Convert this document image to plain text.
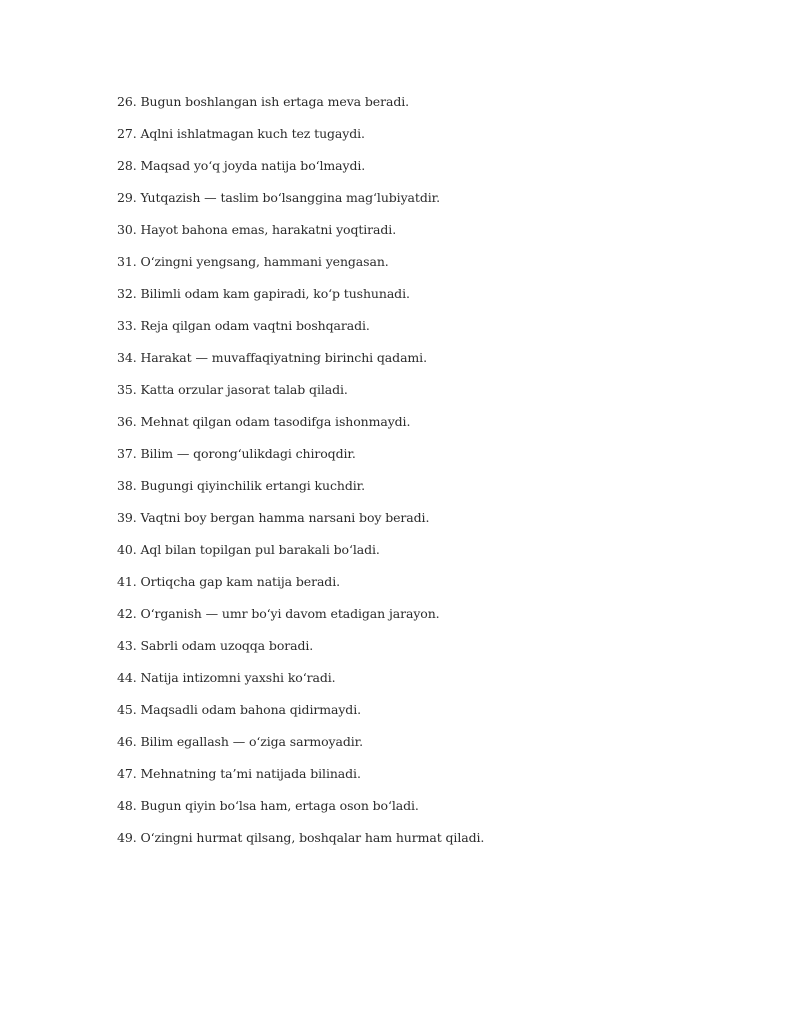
26. Bugun boshlangan ish ertaga meva beradi.
27. Aqlni ishlatmagan kuch tez tugaydi.
28. Maqsad yo‘q joyda natija bo‘lmaydi.
29. Yutqazish — taslim bo‘lsanggina mag‘lubiyatdir.
30. Hayot bahona emas, harakatni yoqtiradi.
31. O‘zingni yengsang, hammani yengasan.
32. Bilimli odam kam gapiradi, ko‘p tushunadi.
33. Reja qilgan odam vaqtni boshqaradi.
34. Harakat — muvaffaqiyatning birinchi qadami.
35. Katta orzular jasorat talab qiladi.
36. Mehnat qilgan odam tasodifga ishonmaydi.
37. Bilim — qorong‘ulikdagi chiroqdir.
38. Bugungi qiyinchilik ertangi kuchdir.
39. Vaqtni boy bergan hamma narsani boy beradi.
40. Aql bilan topilgan pul barakali bo‘ladi.
41. Ortiqcha gap kam natija beradi.
42. O‘rganish — umr bo‘yi davom etadigan jarayon.
43. Sabrli odam uzoqqa boradi.
44. Natija intizomni yaxshi ko‘radi.
45. Maqsadli odam bahona qidirmaydi.
46. Bilim egallash — o‘ziga sarmoyadir.
47. Mehnatning ta’mi natijada bilinadi.
48. Bugun qiyin bo‘lsa ham, ertaga oson bo‘ladi.
49. O‘zingni hurmat qilsang, boshqalar ham hurmat qiladi.
